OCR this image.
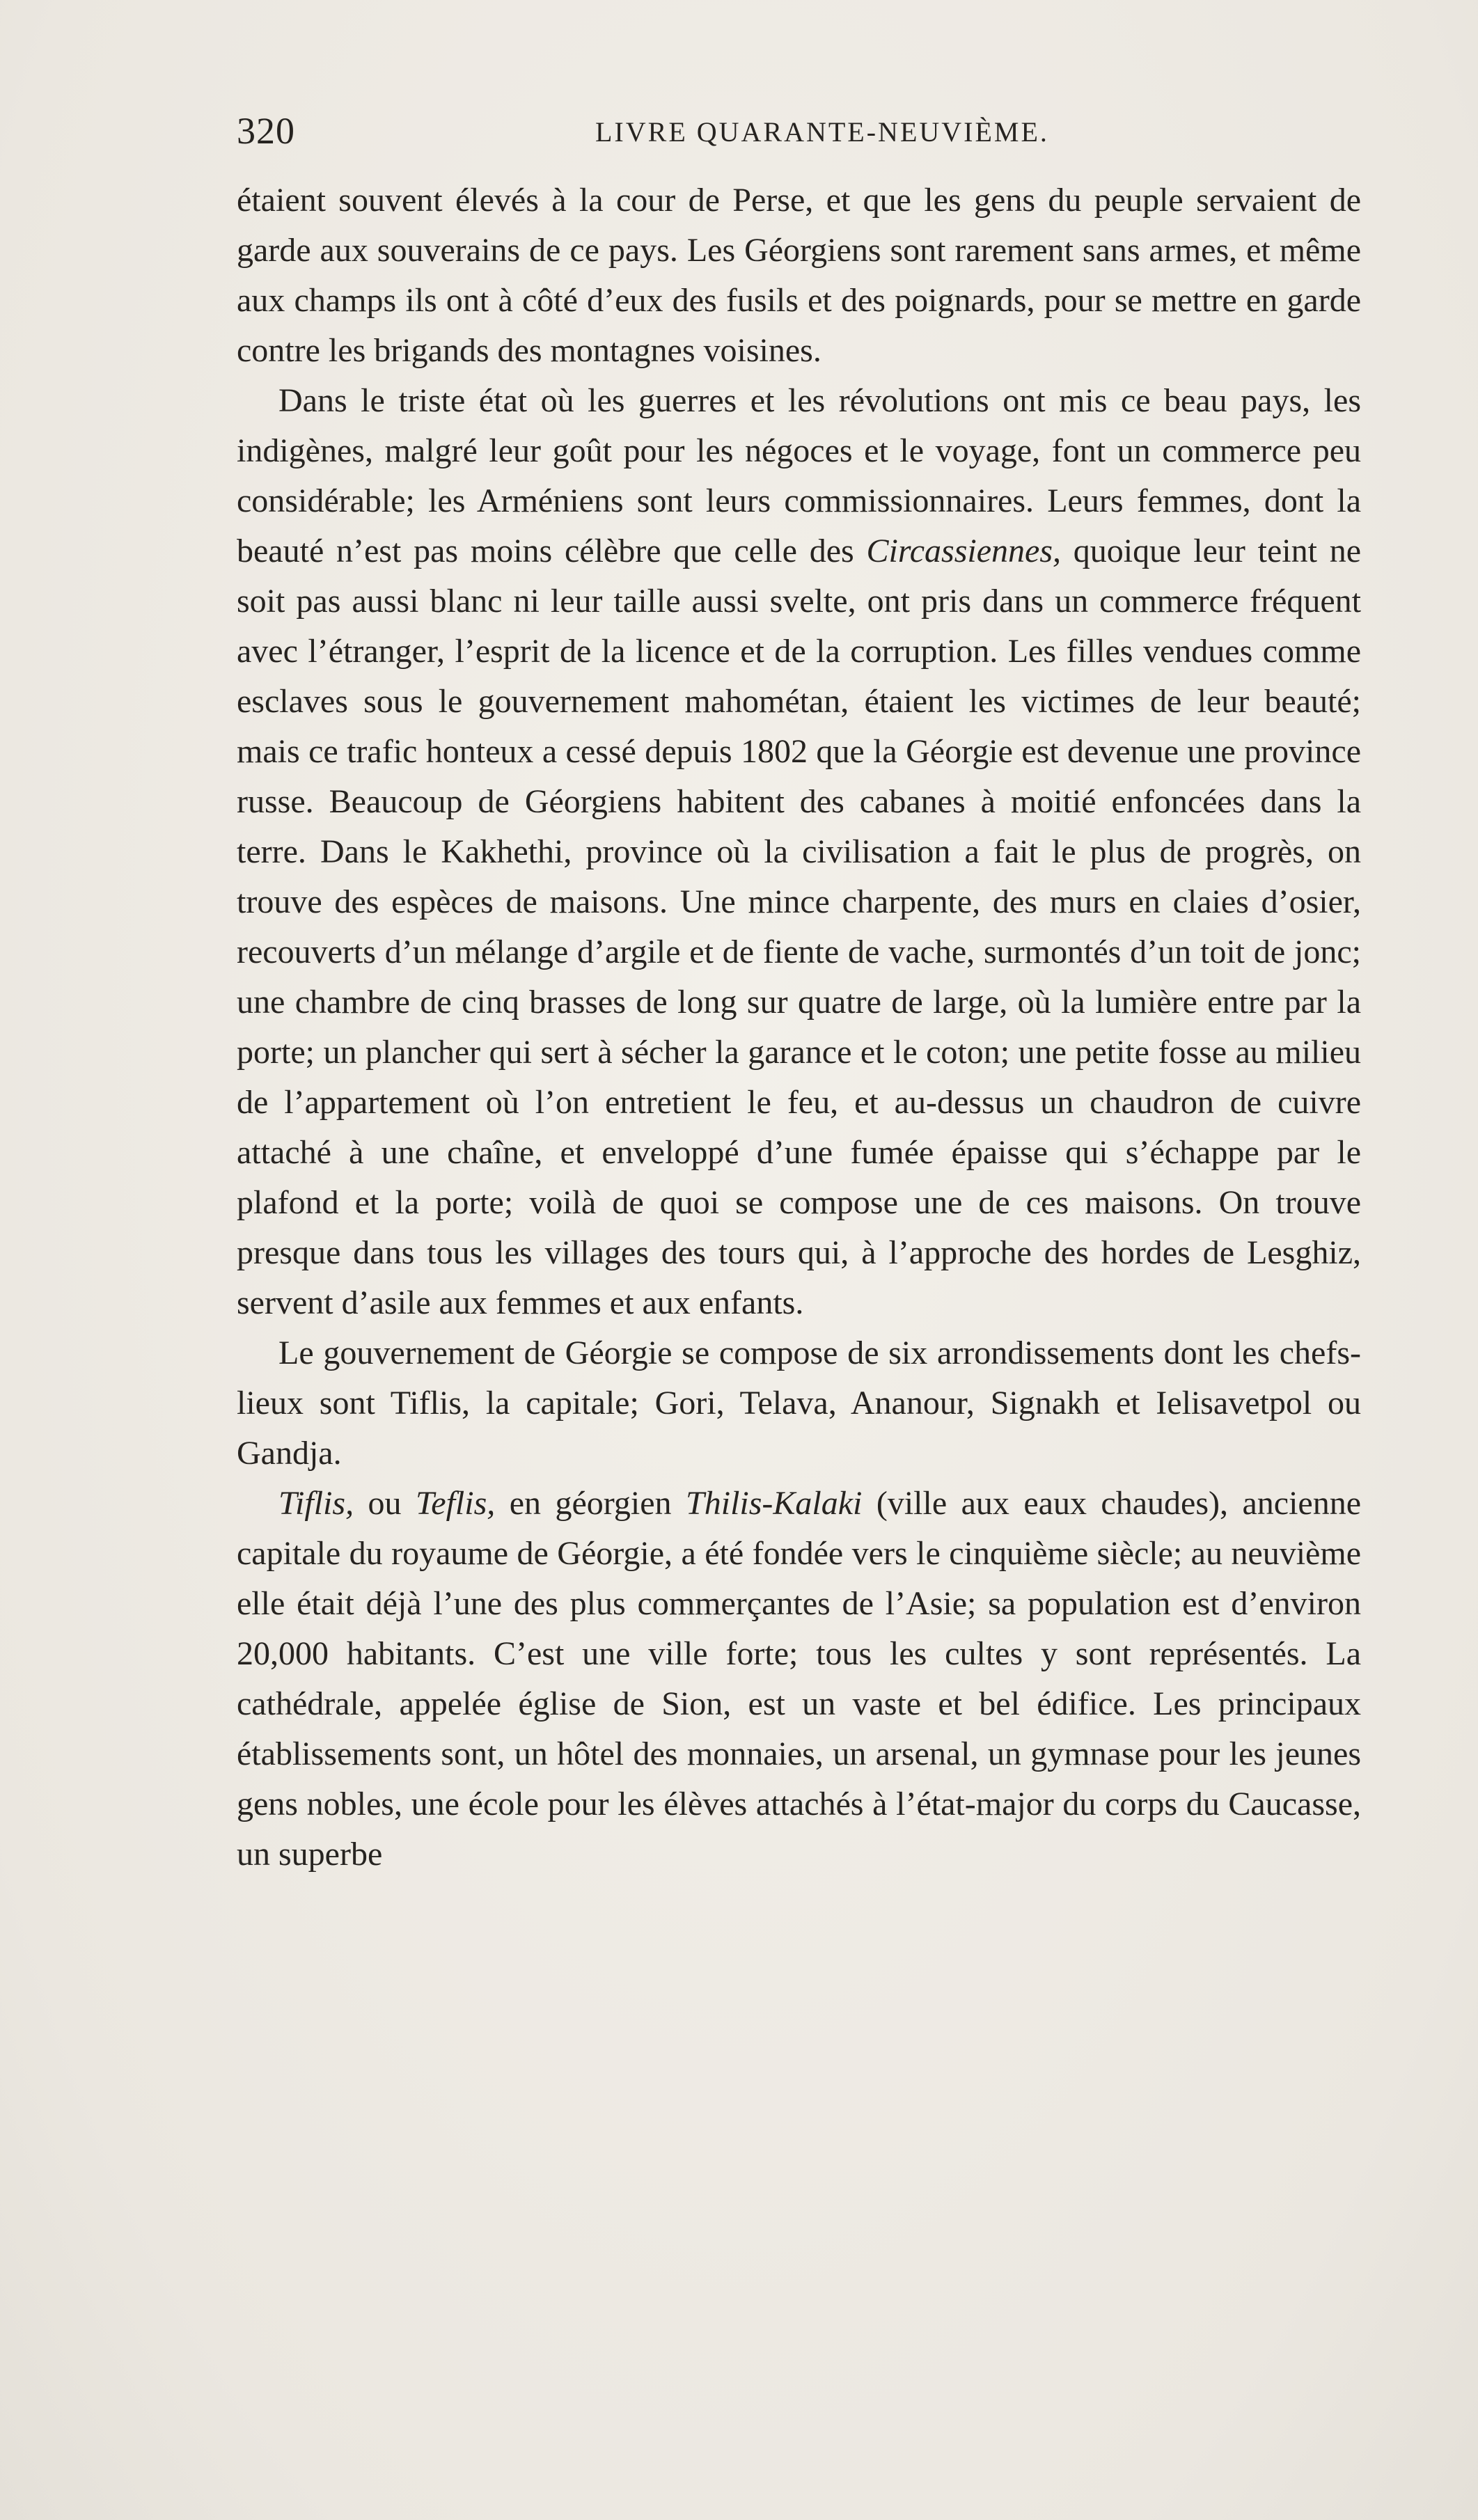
320	LIVRE QUARANTE-NEUVIÈME.

étaient souvent élevés à la cour de Perse, et que les gens du peuple servaient de garde aux souverains de ce pays. Les Géorgiens sont rarement sans armes, et même aux champs ils ont à côté d’eux des fusils et des poignards, pour se mettre en garde contre les brigands des montagnes voisines.

Dans le triste état où les guerres et les révolutions ont mis ce beau pays, les indigènes, malgré leur goût pour les négoces et le voyage, font un commerce peu considérable; les Arméniens sont leurs commissionnaires. Leurs femmes, dont la beauté n’est pas moins célèbre que celle des Circassiennes, quoique leur teint ne soit pas aussi blanc ni leur taille aussi svelte, ont pris dans un commerce fréquent avec l’étranger, l’esprit de la licence et de la corruption. Les filles vendues comme esclaves sous le gouvernement mahométan, étaient les victimes de leur beauté; mais ce trafic honteux a cessé depuis 1802 que la Géorgie est devenue une province russe. Beaucoup de Géorgiens habitent des cabanes à moitié enfoncées dans la terre. Dans le Kakhethi, province où la civilisation a fait le plus de progrès, on trouve des espèces de maisons. Une mince charpente, des murs en claies d’osier, recouverts d’un mélange d’argile et de fiente de vache, surmontés d’un toit de jonc; une chambre de cinq brasses de long sur quatre de large, où la lumière entre par la porte; un plancher qui sert à sécher la garance et le coton; une petite fosse au milieu de l’appartement où l’on entretient le feu, et au-dessus un chaudron de cuivre attaché à une chaîne, et enveloppé d’une fumée épaisse qui s’échappe par le plafond et la porte; voilà de quoi se compose une de ces maisons. On trouve presque dans tous les villages des tours qui, à l’approche des hordes de Lesghiz, servent d’asile aux femmes et aux enfants.

Le gouvernement de Géorgie se compose de six arrondissements dont les chefs-lieux sont Tiflis, la capitale; Gori, Telava, Ananour, Signakh et Ielisavetpol ou Gandja.

Tiflis, ou Teflis, en géorgien Thilis-Kalaki (ville aux eaux chaudes), ancienne capitale du royaume de Géorgie, a été fondée vers le cinquième siècle; au neuvième elle était déjà l’une des plus commerçantes de l’Asie; sa population est d’environ 20,000 habitants. C’est une ville forte; tous les cultes y sont représentés. La cathédrale, appelée église de Sion, est un vaste et bel édifice. Les principaux établissements sont, un hôtel des monnaies, un arsenal, un gymnase pour les jeunes gens nobles, une école pour les élèves attachés à l’état-major du corps du Caucasse, un superbe
